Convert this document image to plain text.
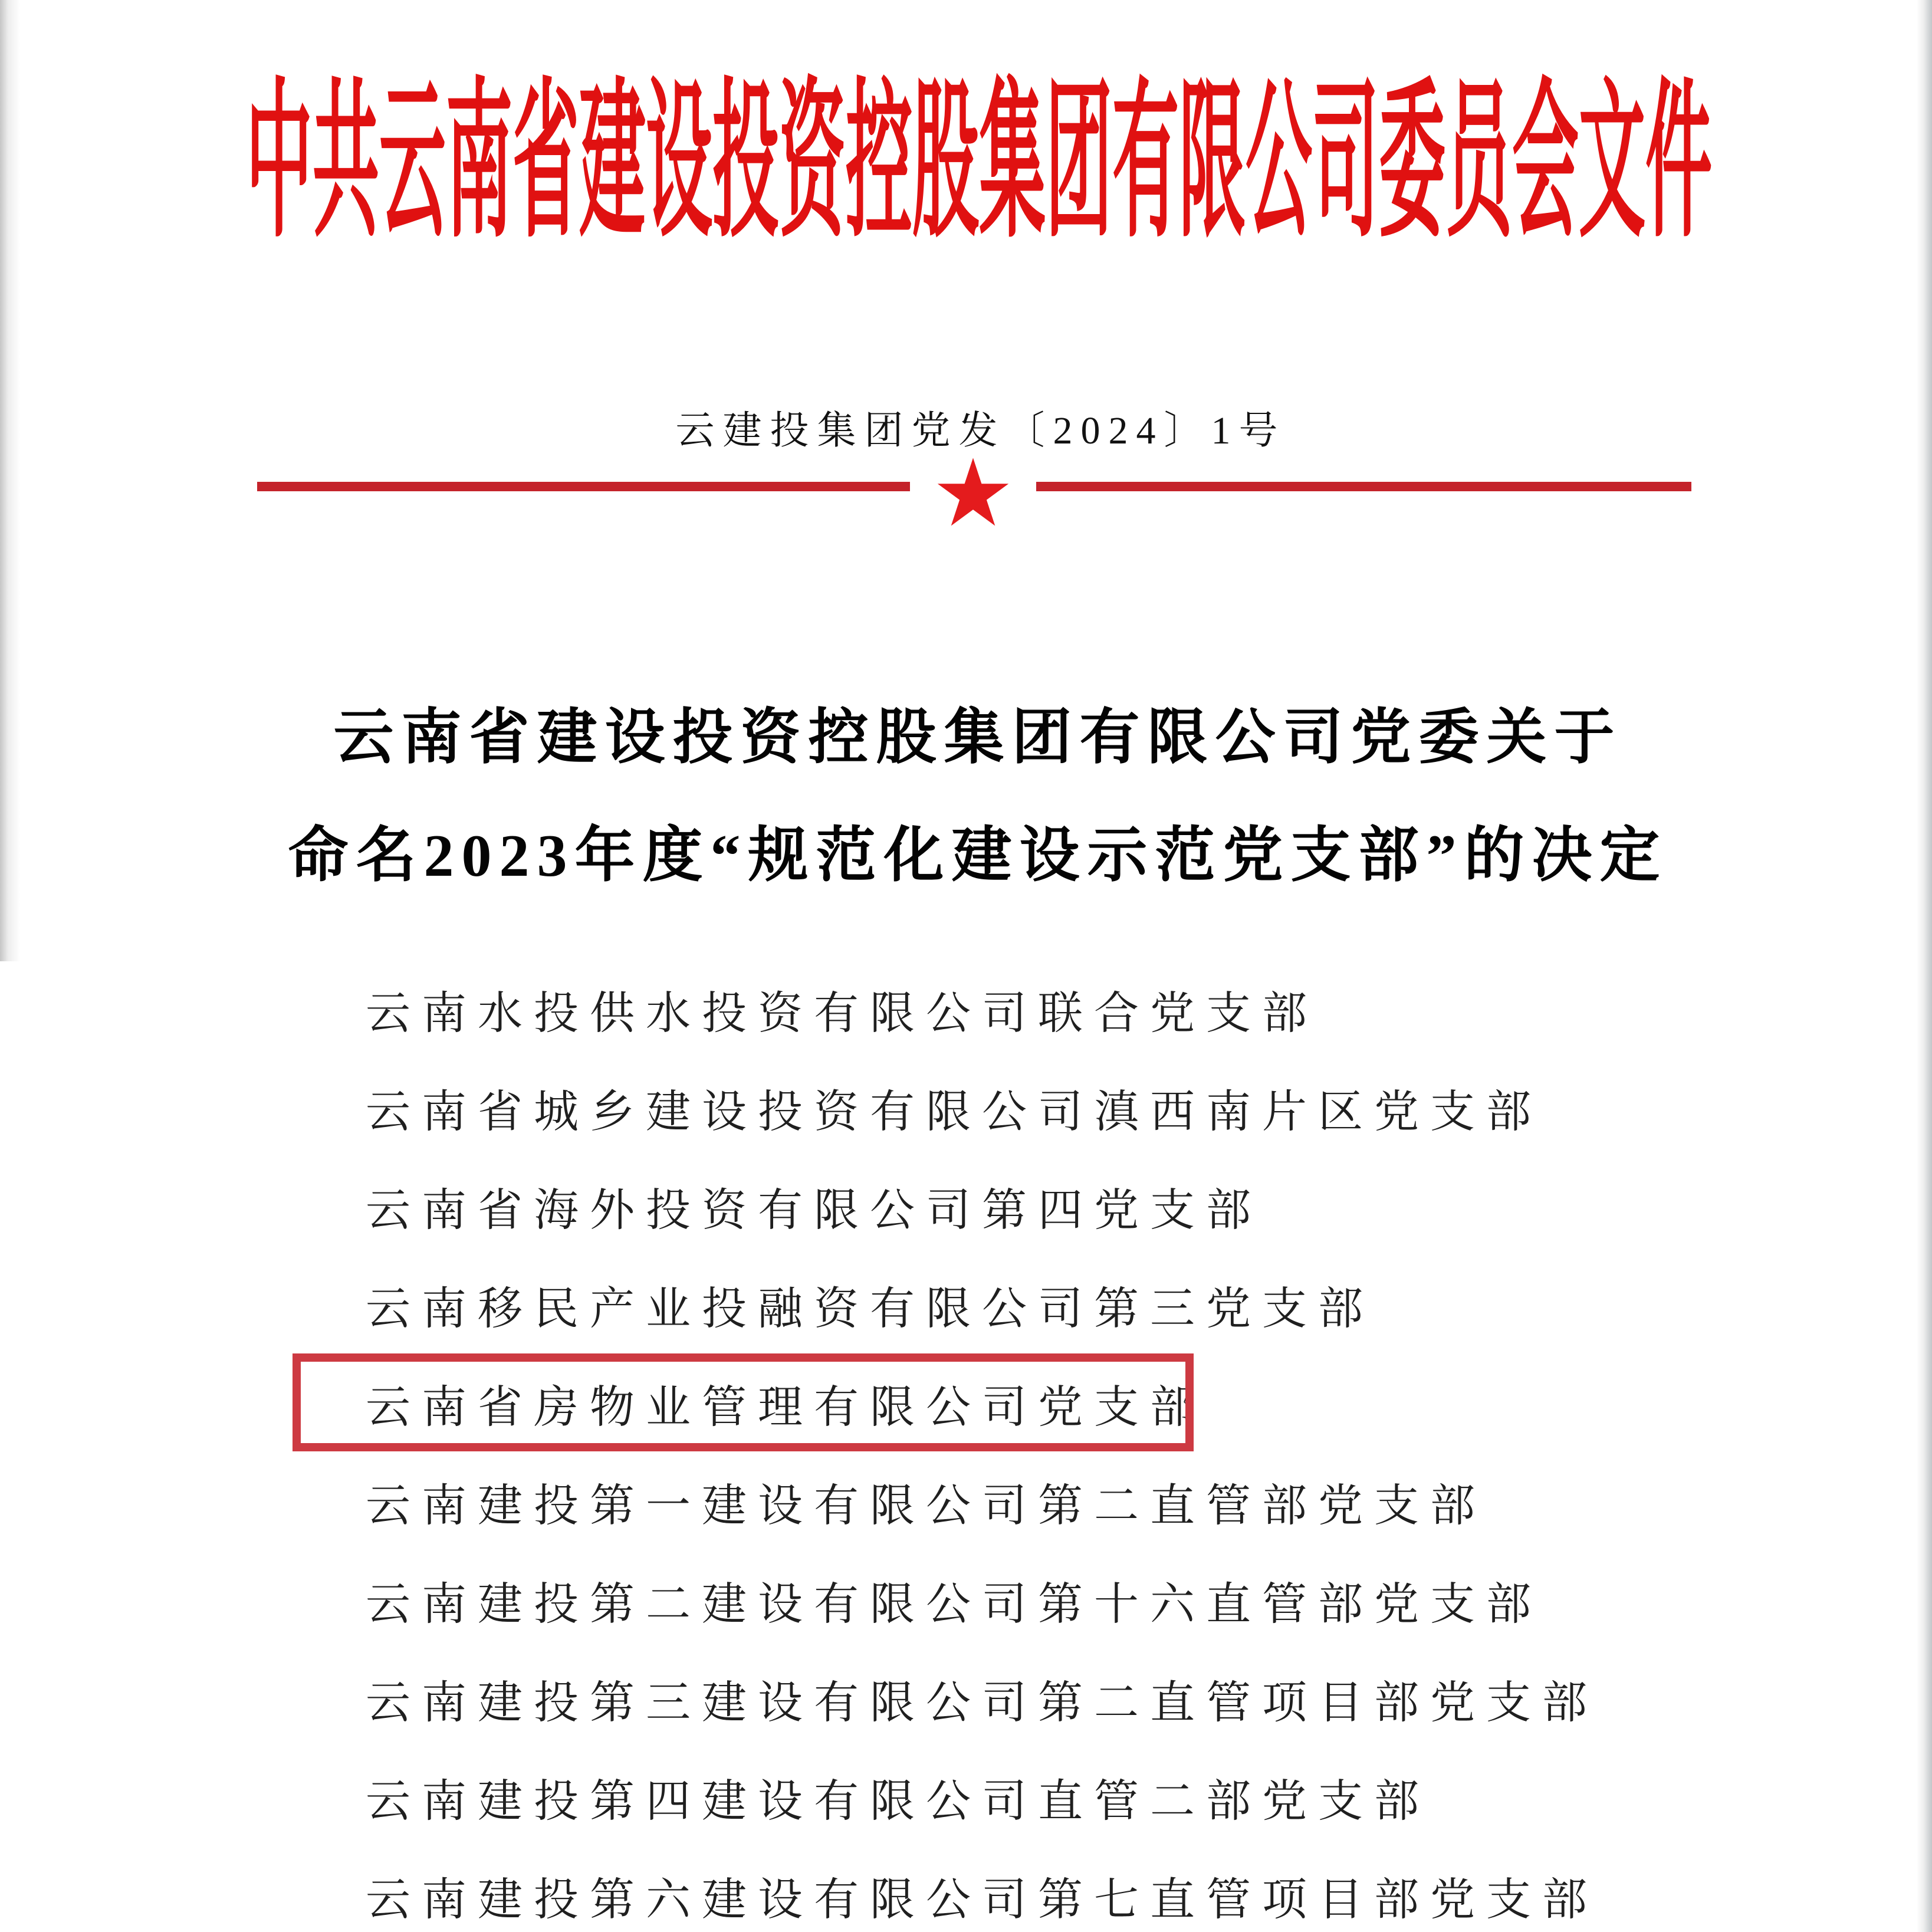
中共云南省建设投资控股集团有限公司委员会文件
云建投集团党发〔2024〕1号
云南省建设投资控股集团有限公司党委关于
命名2023年度“规范化建设示范党支部”的决定
云南水投供水投资有限公司联合党支部
云南省城乡建设投资有限公司滇西南片区党支部
云南省海外投资有限公司第四党支部
云南移民产业投融资有限公司第三党支部
云南省房物业管理有限公司党支部
云南建投第一建设有限公司第二直管部党支部
云南建投第二建设有限公司第十六直管部党支部
云南建投第三建设有限公司第二直管项目部党支部
云南建投第四建设有限公司直管二部党支部
云南建投第六建设有限公司第七直管项目部党支部
